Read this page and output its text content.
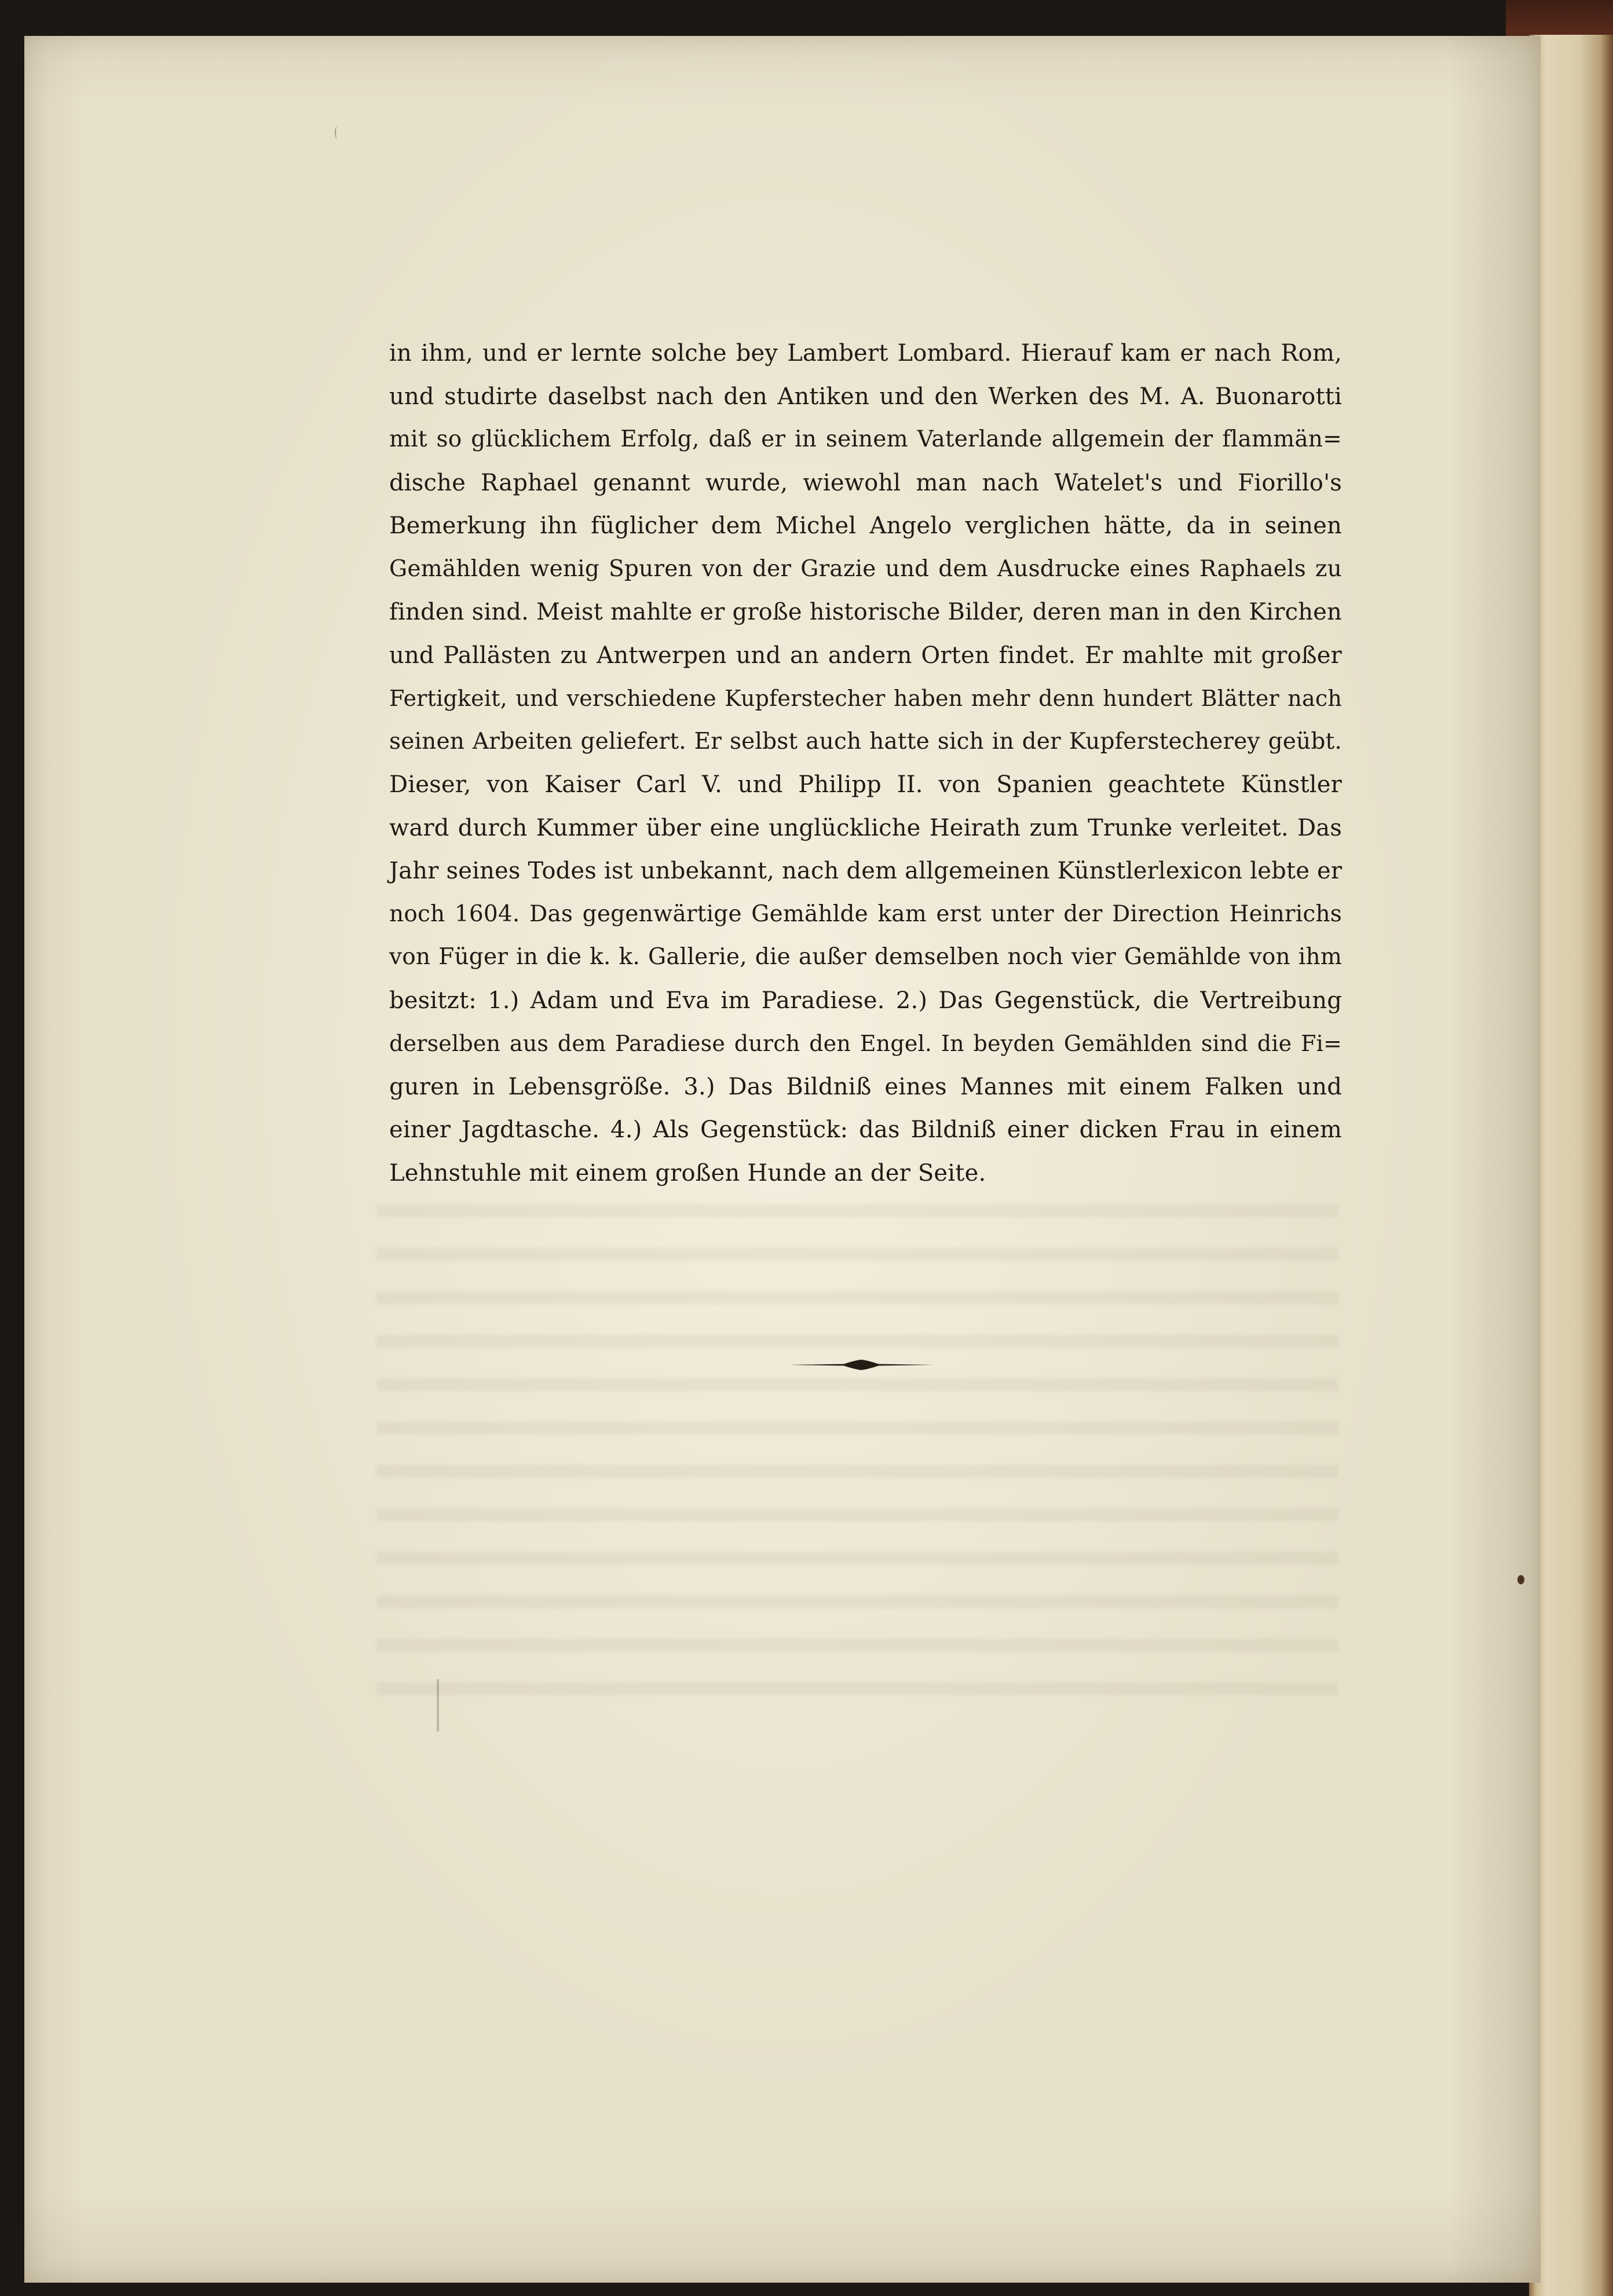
in ihm, und er lernte solche bey Lambert Lombard. Hierauf kam er nach Rom,
und studirte daselbst nach den Antiken und den Werken des M. A. Buonarotti
mit so glücklichem Erfolg, daß er in seinem Vaterlande allgemein der flammän=
dische Raphael genannt wurde, wiewohl man nach Watelet's und Fiorillo's
Bemerkung ihn füglicher dem Michel Angelo verglichen hätte, da in seinen
Gemählden wenig Spuren von der Grazie und dem Ausdrucke eines Raphaels zu
finden sind. Meist mahlte er große historische Bilder, deren man in den Kirchen
und Pallästen zu Antwerpen und an andern Orten findet. Er mahlte mit großer
Fertigkeit, und verschiedene Kupferstecher haben mehr denn hundert Blätter nach
seinen Arbeiten geliefert. Er selbst auch hatte sich in der Kupferstecherey geübt.
Dieser, von Kaiser Carl V. und Philipp II. von Spanien geachtete Künstler
ward durch Kummer über eine unglückliche Heirath zum Trunke verleitet. Das
Jahr seines Todes ist unbekannt, nach dem allgemeinen Künstlerlexicon lebte er
noch 1604. Das gegenwärtige Gemählde kam erst unter der Direction Heinrichs
von Füger in die k. k. Gallerie, die außer demselben noch vier Gemählde von ihm
besitzt: 1.) Adam und Eva im Paradiese. 2.) Das Gegenstück, die Vertreibung
derselben aus dem Paradiese durch den Engel. In beyden Gemählden sind die Fi=
guren in Lebensgröße. 3.) Das Bildniß eines Mannes mit einem Falken und
einer Jagdtasche. 4.) Als Gegenstück: das Bildniß einer dicken Frau in einem
Lehnstuhle mit einem großen Hunde an der Seite.
